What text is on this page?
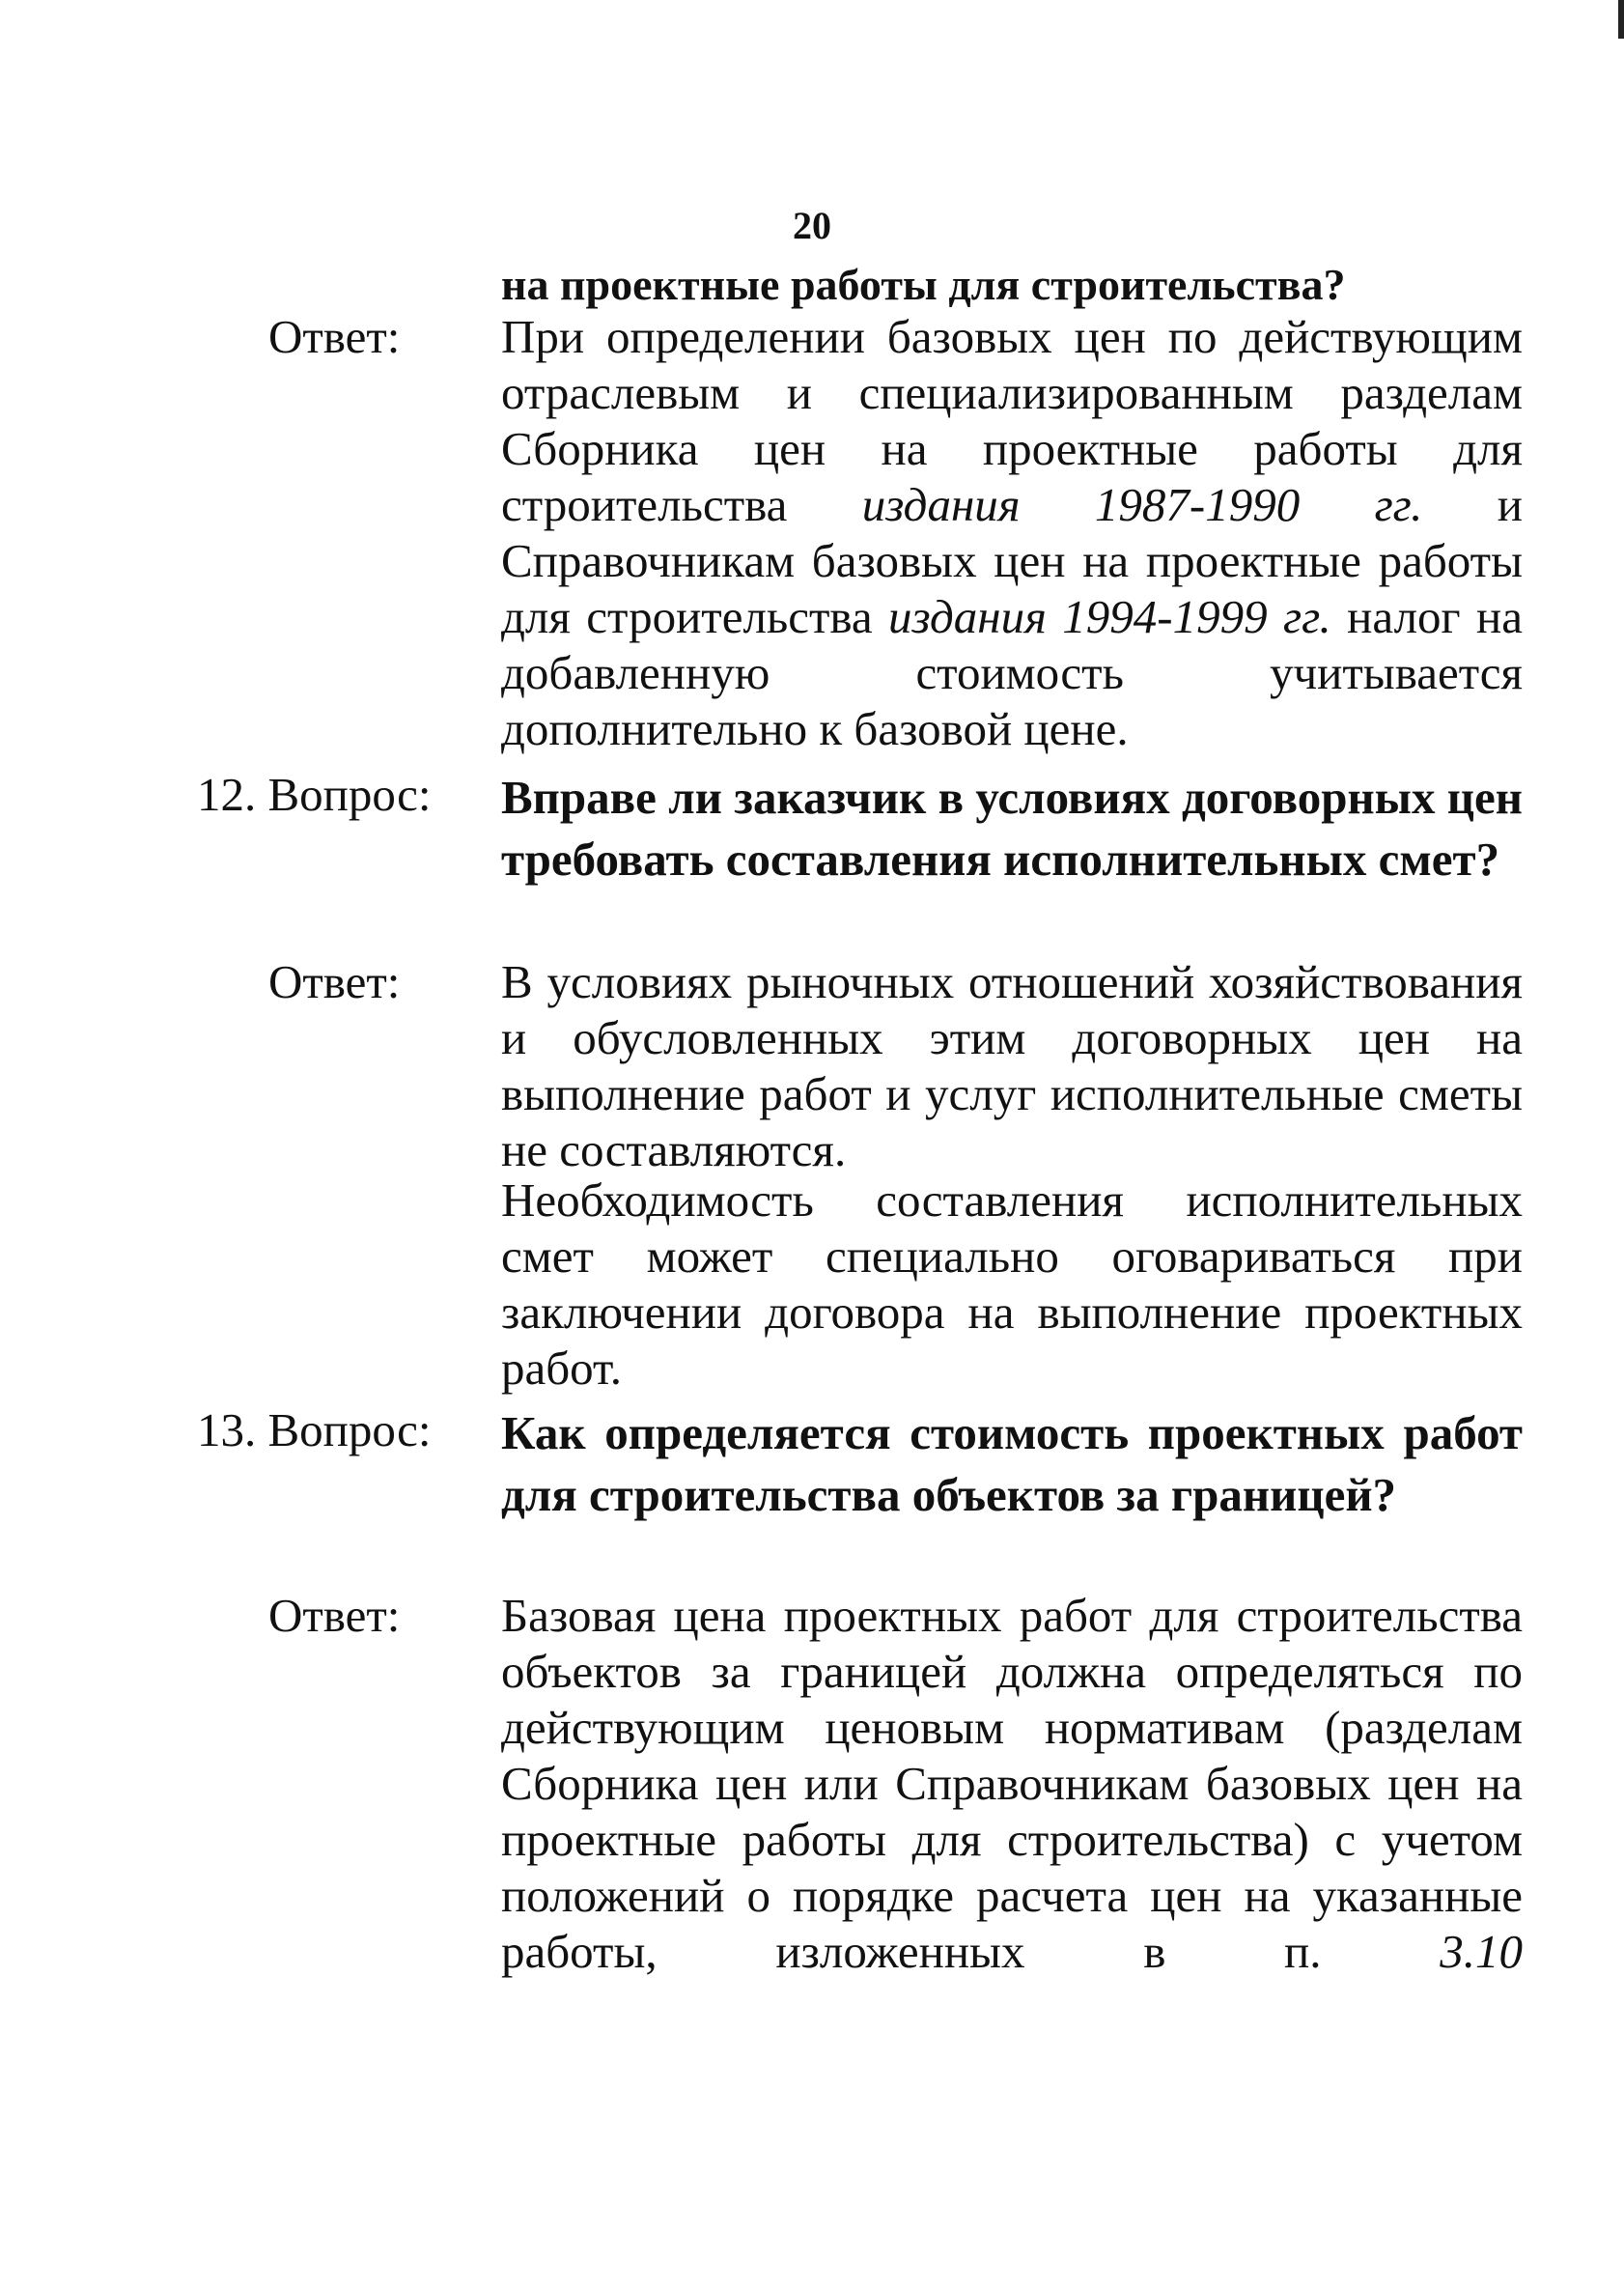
20
на проектные работы для строительства?
Ответ: При определении базовых цен по действующим отраслевым и специализированным разделам Сборника цен на проектные работы для строительства издания 1987-1990 гг. и Справочникам базовых цен на проектные работы для строительства издания 1994-1999 гг. налог на добавленную стоимость учитывается дополнительно к базовой цене.
12. Вопрос: Вправе ли заказчик в условиях договорных цен требовать составления исполнительных смет?
Ответ: В условиях рыночных отношений хозяйствования и обусловленных этим договорных цен на выполнение работ и услуг исполнительные сметы не составляются.
Необходимость составления исполнительных смет может специально оговариваться при заключении договора на выполнение проектных работ.
13. Вопрос: Как определяется стоимость проектных работ для строительства объектов за границей?
Ответ: Базовая цена проектных работ для строительства объектов за границей должна определяться по действующим ценовым нормативам (разделам Сборника цен или Справочникам базовых цен на проектные работы для строительства) с учетом положений о порядке расчета цен на указанные работы, изложенных в п. 3.10
